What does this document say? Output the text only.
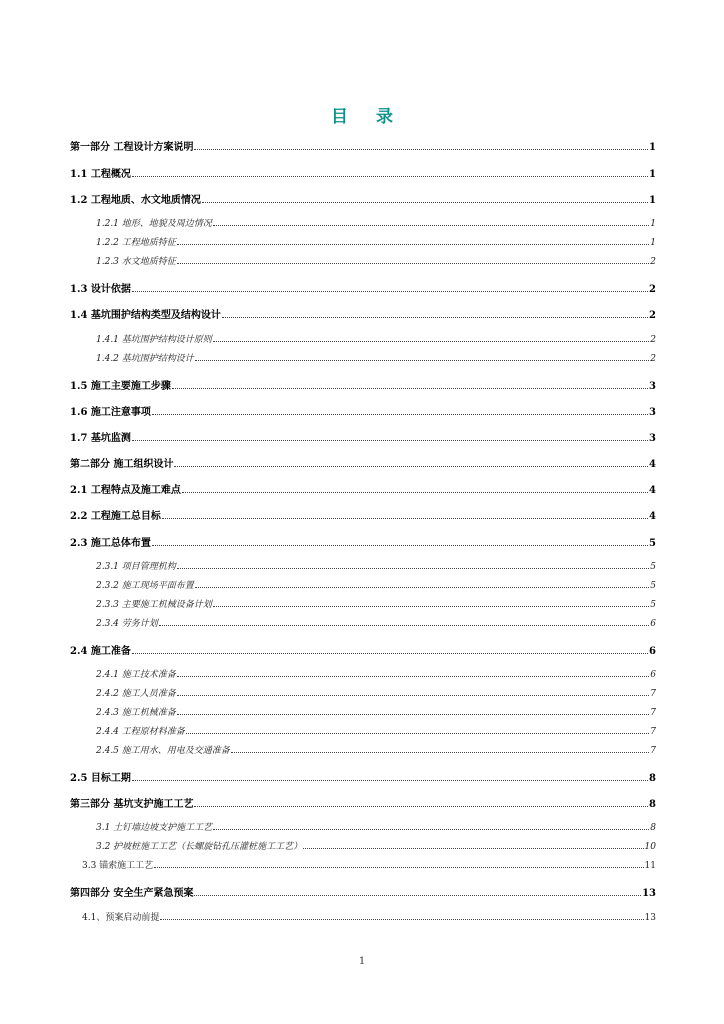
目录
第一部分 工程设计方案说明	1
1.1 工程概况	1
1.2 工程地质、水文地质情况	1
1.2.1 地形、地貌及周边情况	1
1.2.2 工程地质特征	1
1.2.3 水文地质特征	2
1.3 设计依据	2
1.4 基坑围护结构类型及结构设计	2
1.4.1 基坑围护结构设计原则	2
1.4.2 基坑围护结构设计	2
1.5 施工主要施工步骤	3
1.6 施工注意事项	3
1.7 基坑监测	3
第二部分 施工组织设计	4
2.1 工程特点及施工难点	4
2.2 工程施工总目标	4
2.3 施工总体布置	5
2.3.1 项目管理机构	5
2.3.2 施工现场平面布置	5
2.3.3 主要施工机械设备计划	5
2.3.4 劳务计划	6
2.4 施工准备	6
2.4.1 施工技术准备	6
2.4.2 施工人员准备	7
2.4.3 施工机械准备	7
2.4.4 工程原材料准备	7
2.4.5 施工用水、用电及交通准备	7
2.5 目标工期	8
第三部分 基坑支护施工工艺	8
3.1 土钉墙边坡支护施工工艺	8
3.2 护坡桩施工工艺（长螺旋钻孔压灌桩施工工艺）	10
3.3 锚索施工工艺	11
第四部分 安全生产紧急预案	13
4.1、预案启动前提	13
1
